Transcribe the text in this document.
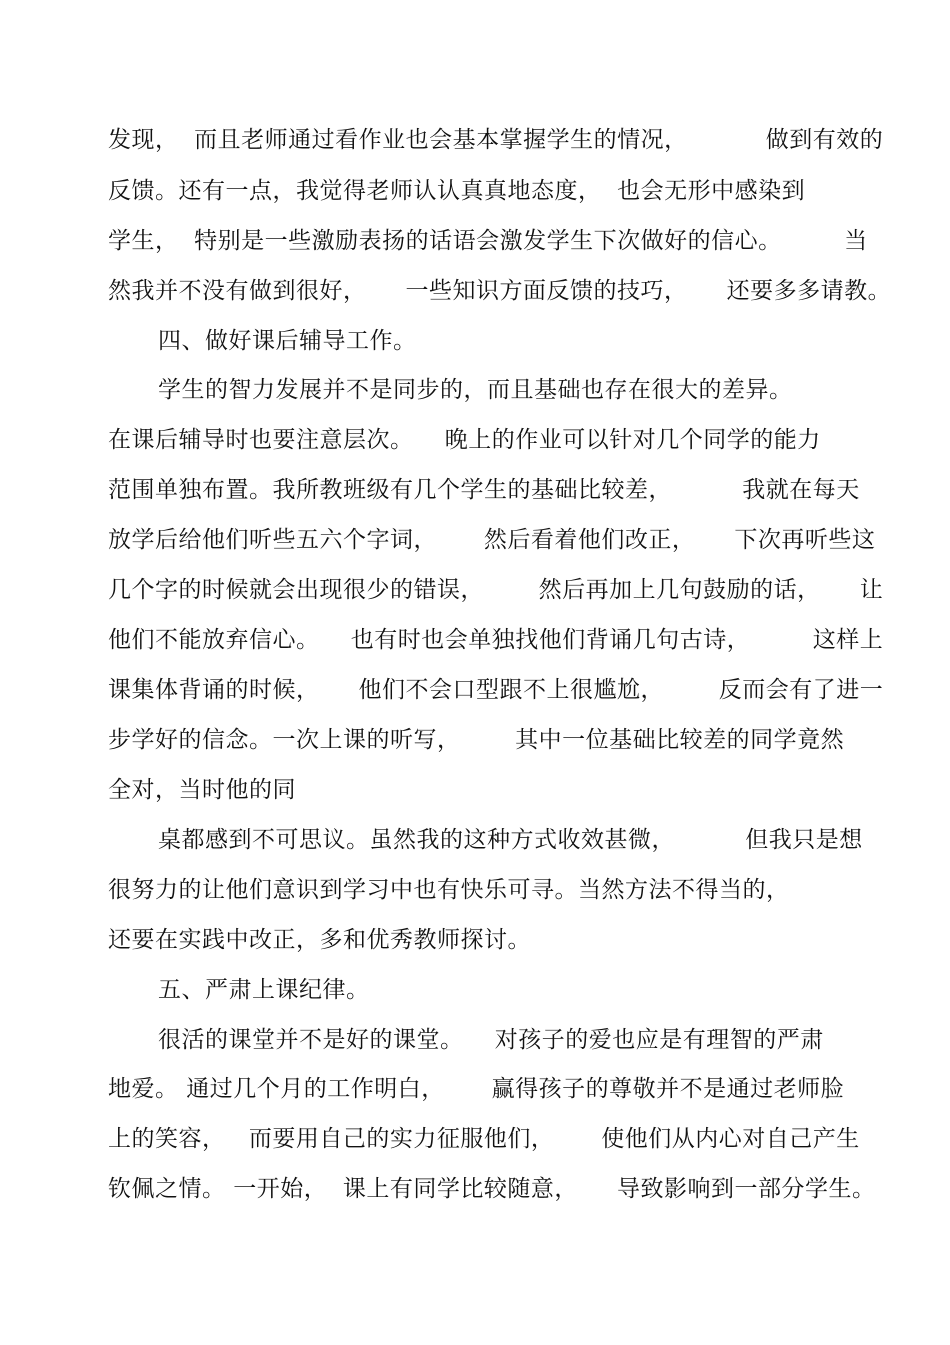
发现，  而且老师通过看作业也会基本掌握学生的情况，          做到有效的
反馈。还有一点，我觉得老师认认真真地态度，  也会无形中感染到
学生，  特别是一些激励表扬的话语会激发学生下次做好的信心。        当
然我并不没有做到很好，     一些知识方面反馈的技巧，     还要多多请教。
四、做好课后辅导工作。
学生的智力发展并不是同步的，而且基础也存在很大的差异。
在课后辅导时也要注意层次。    晚上的作业可以针对几个同学的能力
范围单独布置。我所教班级有几个学生的基础比较差，         我就在每天
放学后给他们听些五六个字词，      然后看着他们改正，     下次再听些这
几个字的时候就会出现很少的错误，       然后再加上几句鼓励的话，     让
他们不能放弃信心。    也有时也会单独找他们背诵几句古诗，        这样上
课集体背诵的时候，     他们不会口型跟不上很尴尬，       反而会有了进一
步学好的信念。一次上课的听写，       其中一位基础比较差的同学竟然
全对，当时他的同
桌都感到不可思议。虽然我的这种方式收效甚微，         但我只是想
很努力的让他们意识到学习中也有快乐可寻。当然方法不得当的，
还要在实践中改正，多和优秀教师探讨。
五、严肃上课纪律。
很活的课堂并不是好的课堂。    对孩子的爱也应是有理智的严肃
地爱。 通过几个月的工作明白，      赢得孩子的尊敬并不是通过老师脸
上的笑容，   而要用自己的实力征服他们，      使他们从内心对自己产生
钦佩之情。 一开始，  课上有同学比较随意，     导致影响到一部分学生。
